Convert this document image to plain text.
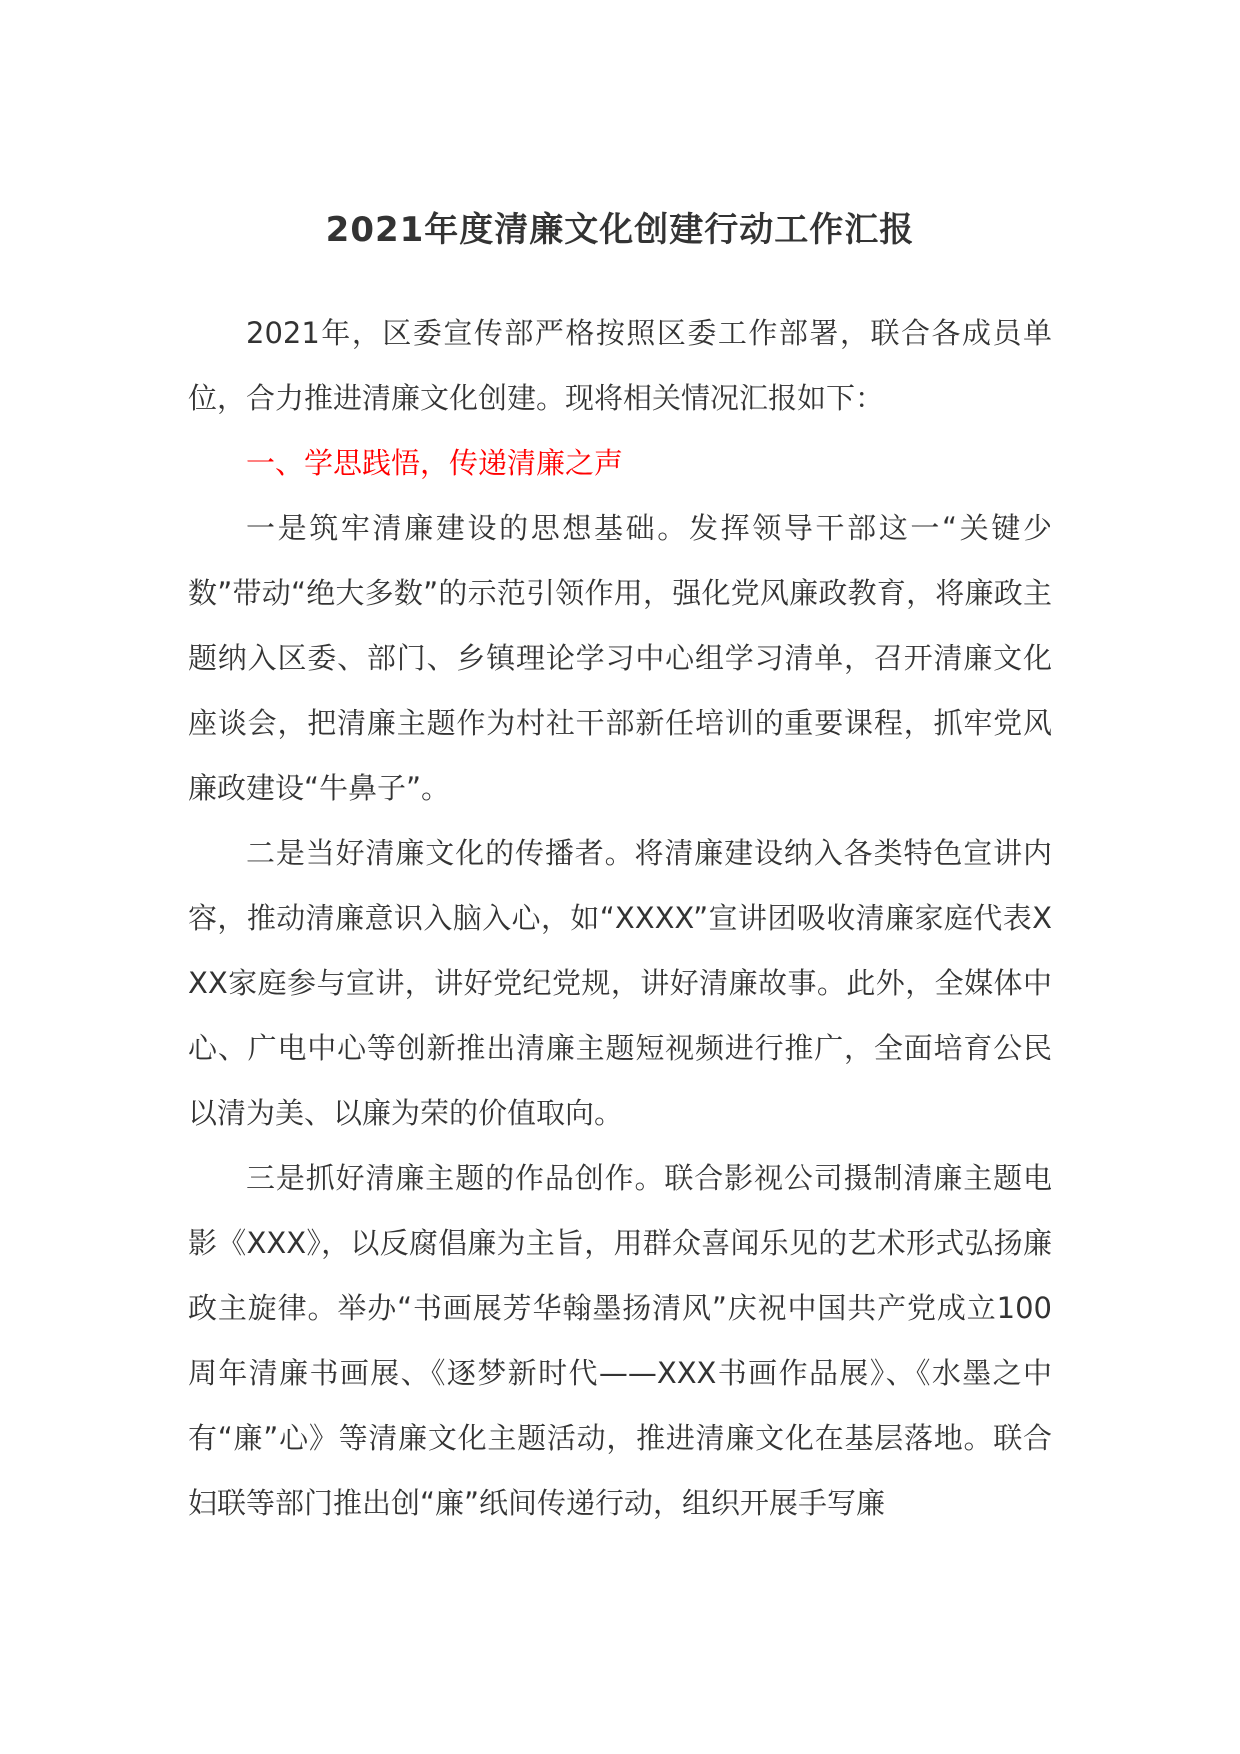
2021年度清廉文化创建行动工作汇报

2021年，区委宣传部严格按照区委工作部署，联合各成员单位，合力推进清廉文化创建。现将相关情况汇报如下：

一、学思践悟，传递清廉之声

一是筑牢清廉建设的思想基础。发挥领导干部这一“关键少数”带动“绝大多数”的示范引领作用，强化党风廉政教育，将廉政主题纳入区委、部门、乡镇理论学习中心组学习清单，召开清廉文化座谈会，把清廉主题作为村社干部新任培训的重要课程，抓牢党风廉政建设“牛鼻子”。

二是当好清廉文化的传播者。将清廉建设纳入各类特色宣讲内容，推动清廉意识入脑入心，如“XXXX”宣讲团吸收清廉家庭代表XXX家庭参与宣讲，讲好党纪党规，讲好清廉故事。此外，全媒体中心、广电中心等创新推出清廉主题短视频进行推广，全面培育公民以清为美、以廉为荣的价值取向。

三是抓好清廉主题的作品创作。联合影视公司摄制清廉主题电影《XXX》，以反腐倡廉为主旨，用群众喜闻乐见的艺术形式弘扬廉政主旋律。举办“书画展芳华翰墨扬清风”庆祝中国共产党成立100周年清廉书画展、《逐梦新时代——XXX书画作品展》、《水墨之中有“廉”心》等清廉文化主题活动，推进清廉文化在基层落地。联合妇联等部门推出创“廉”纸间传递行动，组织开展手写廉
